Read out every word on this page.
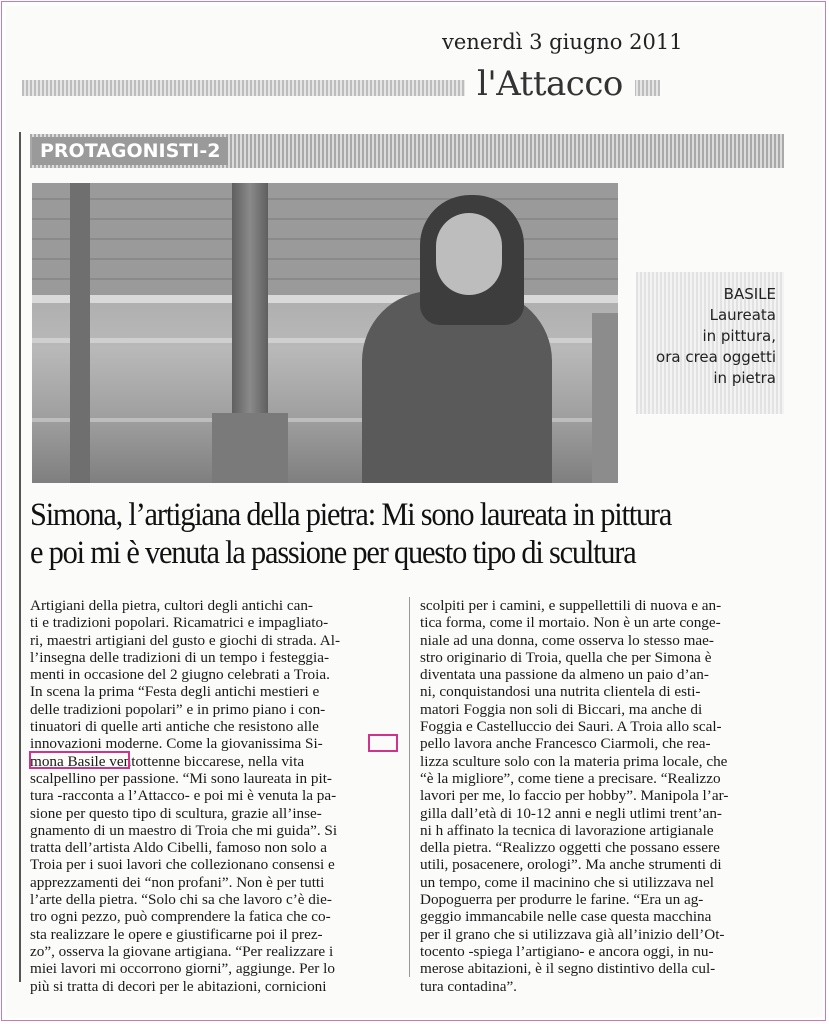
venerdì 3 giugno 2011
l'Attacco
PROTAGONISTI-2
BASILE
Laureata
in pittura,
ora crea oggetti
in pietra
Simona, l’artigiana della pietra: Mi sono laureata in pittura
e poi mi è venuta la passione per questo tipo di scultura
Artigiani della pietra, cultori degli antichi can-
ti e tradizioni popolari. Ricamatrici e impagliato-
ri, maestri artigiani del gusto e giochi di strada. Al-
l’insegna delle tradizioni di un tempo i festeggia-
menti in occasione del 2 giugno celebrati a Troia.
In scena la prima “Festa degli antichi mestieri e
delle tradizioni popolari” e in primo piano i con-
tinuatori di quelle arti antiche che resistono alle
innovazioni moderne. Come la giovanissima Si-
mona Basile ventottenne biccarese, nella vita
scalpellino per passione. “Mi sono laureata in pit-
tura -racconta a l’Attacco- e poi mi è venuta la pa-
sione per questo tipo di scultura, grazie all’inse-
gnamento di un maestro di Troia che mi guida”. Si
tratta dell’artista Aldo Cibelli, famoso non solo a
Troia per i suoi lavori che collezionano consensi e
apprezzamenti dei “non profani”. Non è per tutti
l’arte della pietra. “Solo chi sa che lavoro c’è die-
tro ogni pezzo, può comprendere la fatica che co-
sta realizzare le opere e giustificarne poi il prez-
zo”, osserva la giovane artigiana. “Per realizzare i
miei lavori mi occorrono giorni”, aggiunge. Per lo
più si tratta di decori per le abitazioni, cornicioni
scolpiti per i camini, e suppellettili di nuova e an-
tica forma, come il mortaio. Non è un arte conge-
niale ad una donna, come osserva lo stesso mae-
stro originario di Troia, quella che per Simona è
diventata una passione da almeno un paio d’an-
ni, conquistandosi una nutrita clientela di esti-
matori Foggia non soli di Biccari, ma anche di
Foggia e Castelluccio dei Sauri. A Troia allo scal-
pello lavora anche Francesco Ciarmoli, che rea-
lizza sculture solo con la materia prima locale, che
“è la migliore”, come tiene a precisare. “Realizzo
lavori per me, lo faccio per hobby”. Manipola l’ar-
gilla dall’età di 10-12 anni e negli utlimi trent’an-
ni h affinato la tecnica di lavorazione artigianale
della pietra. “Realizzo oggetti che possano essere
utili, posacenere, orologi”. Ma anche strumenti di
un tempo, come il macinino che si utilizzava nel
Dopoguerra per produrre le farine. “Era un ag-
geggio immancabile nelle case questa macchina
per il grano che si utilizzava già all’inizio dell’Ot-
tocento -spiega l’artigiano- e ancora oggi, in nu-
merose abitazioni, è il segno distintivo della cul-
tura contadina”.
